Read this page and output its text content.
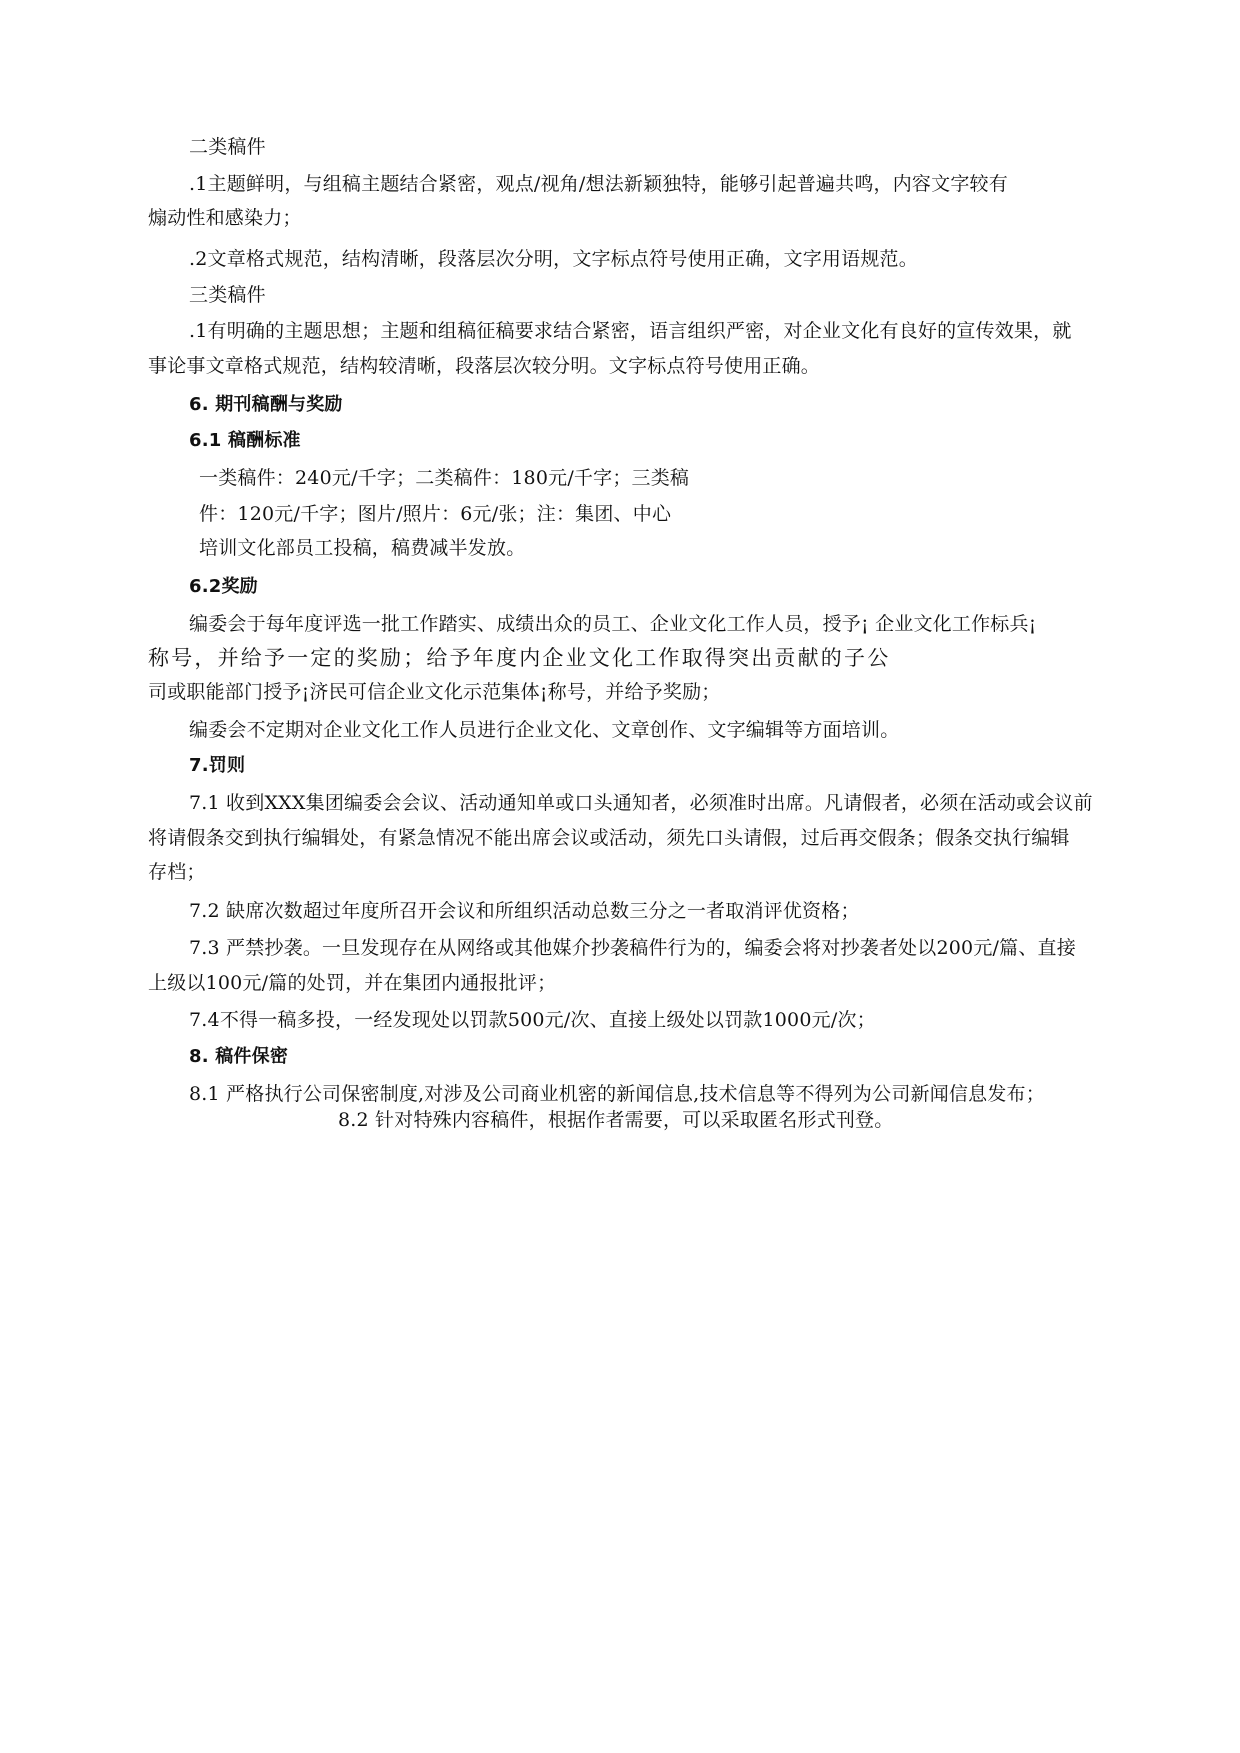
二类稿件
.1主题鲜明，与组稿主题结合紧密，观点/视角/想法新颖独特，能够引起普遍共鸣，内容文字较有
煽动性和感染力；
.2文章格式规范，结构清晰，段落层次分明，文字标点符号使用正确，文字用语规范。
三类稿件
.1有明确的主题思想；主题和组稿征稿要求结合紧密，语言组织严密，对企业文化有良好的宣传效果，就
事论事文章格式规范，结构较清晰，段落层次较分明。文字标点符号使用正确。
6. 期刊稿酬与奖励
6.1 稿酬标准
一类稿件：240元/千字；二类稿件：180元/千字；三类稿
件：120元/千字；图片/照片：6元/张；注：集团、中心
培训文化部员工投稿，稿费减半发放。
6.2奖励
编委会于每年度评选一批工作踏实、成绩出众的员工、企业文化工作人员，授予¡ 企业文化工作标兵¡
称号，并给予一定的奖励；给予年度内企业文化工作取得突出贡献的子公
司或职能部门授予¡济民可信企业文化示范集体¡称号，并给予奖励；
编委会不定期对企业文化工作人员进行企业文化、文章创作、文字编辑等方面培训。
7.罚则
7.1 收到XXX集团编委会会议、活动通知单或口头通知者，必须准时出席。凡请假者，必须在活动或会议前
将请假条交到执行编辑处，有紧急情况不能出席会议或活动，须先口头请假，过后再交假条；假条交执行编辑
存档；
7.2 缺席次数超过年度所召开会议和所组织活动总数三分之一者取消评优资格；
7.3 严禁抄袭。一旦发现存在从网络或其他媒介抄袭稿件行为的，编委会将对抄袭者处以200元/篇、直接
上级以100元/篇的处罚，并在集团内通报批评；
7.4不得一稿多投，一经发现处以罚款500元/次、直接上级处以罚款1000元/次；
8. 稿件保密
8.1 严格执行公司保密制度,对涉及公司商业机密的新闻信息,技术信息等不得列为公司新闻信息发布；
8.2 针对特殊内容稿件，根据作者需要，可以采取匿名形式刊登。
